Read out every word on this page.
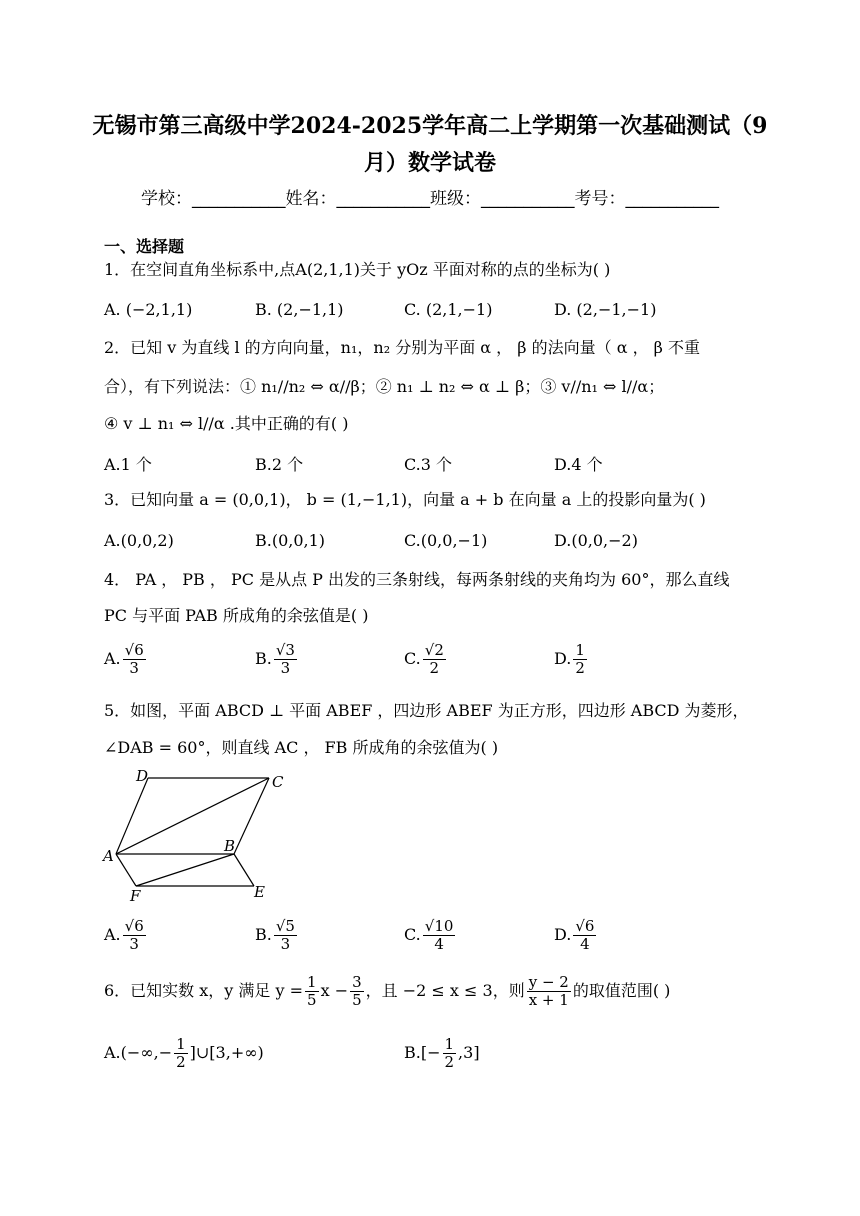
无锡市第三高级中学2024-2025学年高二上学期第一次基础测试（9
月）数学试卷
学校：___________姓名：___________班级：___________考号：___________
一、选择题
1．在空间直角坐标系中,点A(2,1,1)关于 yOz 平面对称的点的坐标为( )
A. (−2,1,1)	B. (2,−1,1)	C. (2,1,−1)	D. (2,−1,−1)
2．已知 v 为直线 l 的方向向量，n₁，n₂ 分别为平面 α ， β 的法向量（ α ， β 不重
合），有下列说法：① n₁//n₂ ⇔ α//β；② n₁ ⊥ n₂ ⇔ α ⊥ β；③ v//n₁ ⇔ l//α；
④ v ⊥ n₁ ⇔ l//α .其中正确的有( )
A.1 个	B.2 个	C.3 个	D.4 个
3．已知向量 a = (0,0,1)， b = (1,−1,1)，向量 a + b 在向量 a 上的投影向量为( )
A.(0,0,2)	B.(0,0,1)	C.(0,0,−1)	D.(0,0,−2)
4． PA ， PB ， PC 是从点 P 出发的三条射线，每两条射线的夹角均为 60°，那么直线
PC 与平面 PAB 所成角的余弦值是( )
A. $\frac{√6}{3}$	B. $\frac{√3}{3}$	C. $\frac{√2}{2}$	D. $\frac{1}{2}$
5．如图，平面 ABCD ⊥ 平面 ABEF ，四边形 ABEF 为正方形，四边形 ABCD 为菱形，
∠DAB = 60°，则直线 AC ， FB 所成角的余弦值为( )
D	C
A
B
F	E
A. $\frac{√6}{3}$	B. $\frac{√5}{3}$	C. $\frac{√10}{4}$	D. $\frac{√6}{4}$
6．已知实数 x，y 满足 $y = \frac{1}{5}$ $x - \frac{3}{5}$ ，且 −2 ≤ x ≤ 3，则 $\frac{y - 2}{x + 1}$ 的取值范围( )
$A.(-\infty,- \frac{1}{2}$ ]∪[3,+∞)	$B.[- \frac{1}{2} ,3]$
